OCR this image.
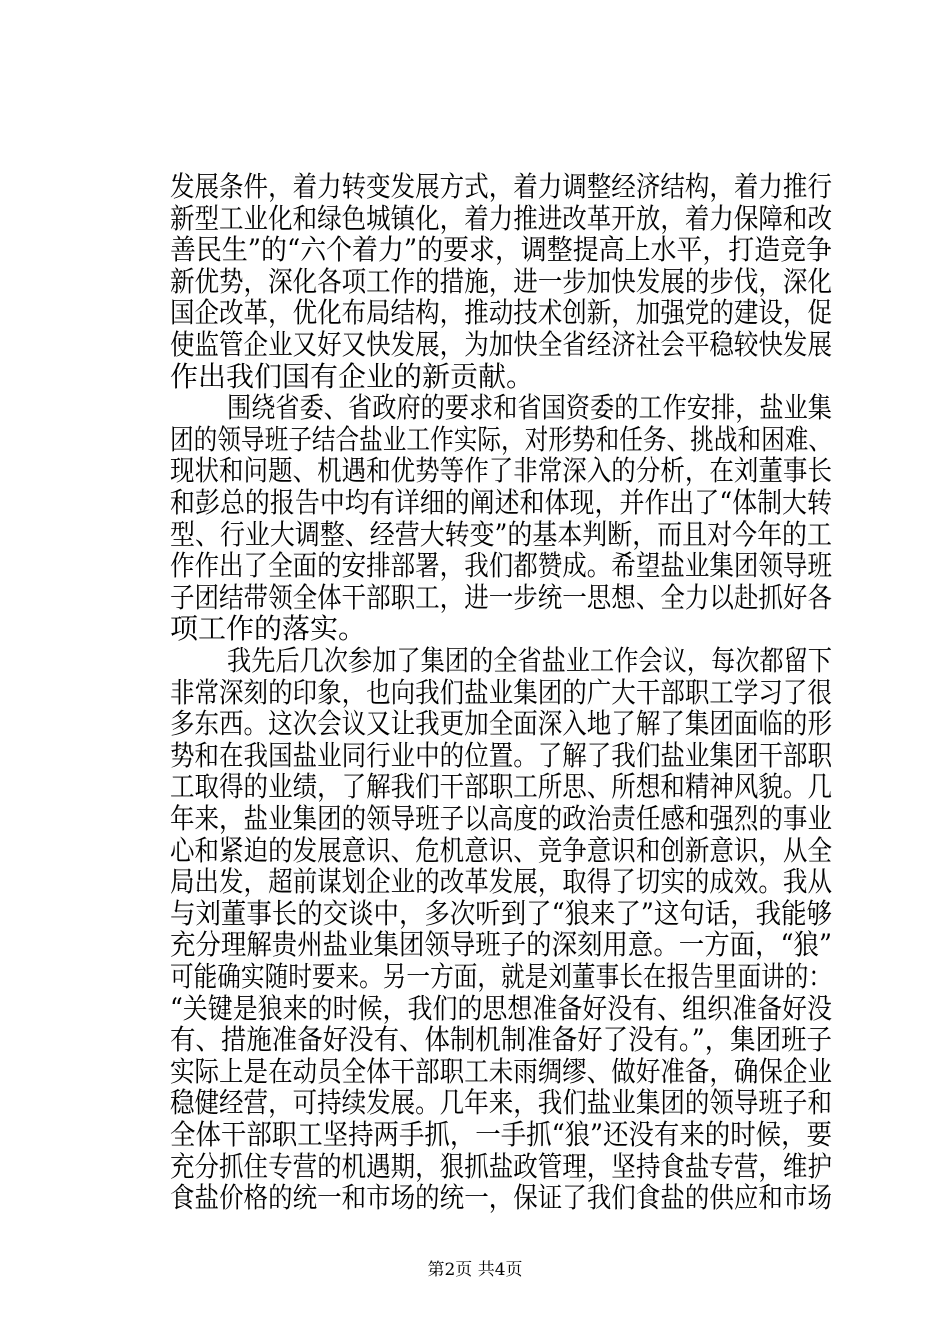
发展条件，着力转变发展方式，着力调整经济结构，着力推行
新型工业化和绿色城镇化，着力推进改革开放，着力保障和改
善民生”的“六个着力”的要求，调整提高上水平，打造竞争
新优势，深化各项工作的措施，进一步加快发展的步伐，深化
国企改革，优化布局结构，推动技术创新，加强党的建设，促
使监管企业又好又快发展，为加快全省经济社会平稳较快发展
作出我们国有企业的新贡献。
围绕省委、省政府的要求和省国资委的工作安排，盐业集
团的领导班子结合盐业工作实际，对形势和任务、挑战和困难、
现状和问题、机遇和优势等作了非常深入的分析，在刘董事长
和彭总的报告中均有详细的阐述和体现，并作出了“体制大转
型、行业大调整、经营大转变”的基本判断，而且对今年的工
作作出了全面的安排部署，我们都赞成。希望盐业集团领导班
子团结带领全体干部职工，进一步统一思想、全力以赴抓好各
项工作的落实。
我先后几次参加了集团的全省盐业工作会议，每次都留下
非常深刻的印象，也向我们盐业集团的广大干部职工学习了很
多东西。这次会议又让我更加全面深入地了解了集团面临的形
势和在我国盐业同行业中的位置。了解了我们盐业集团干部职
工取得的业绩，了解我们干部职工所思、所想和精神风貌。几
年来，盐业集团的领导班子以高度的政治责任感和强烈的事业
心和紧迫的发展意识、危机意识、竞争意识和创新意识，从全
局出发，超前谋划企业的改革发展，取得了切实的成效。我从
与刘董事长的交谈中，多次听到了“狼来了”这句话，我能够
充分理解贵州盐业集团领导班子的深刻用意。一方面，“狼”
可能确实随时要来。另一方面，就是刘董事长在报告里面讲的：
“关键是狼来的时候，我们的思想准备好没有、组织准备好没
有、措施准备好没有、体制机制准备好了没有。”，集团班子
实际上是在动员全体干部职工未雨绸缪、做好准备，确保企业
稳健经营，可持续发展。几年来，我们盐业集团的领导班子和
全体干部职工坚持两手抓，一手抓“狼”还没有来的时候，要
充分抓住专营的机遇期，狠抓盐政管理，坚持食盐专营，维护
食盐价格的统一和市场的统一，保证了我们食盐的供应和市场
第2页 共4页
